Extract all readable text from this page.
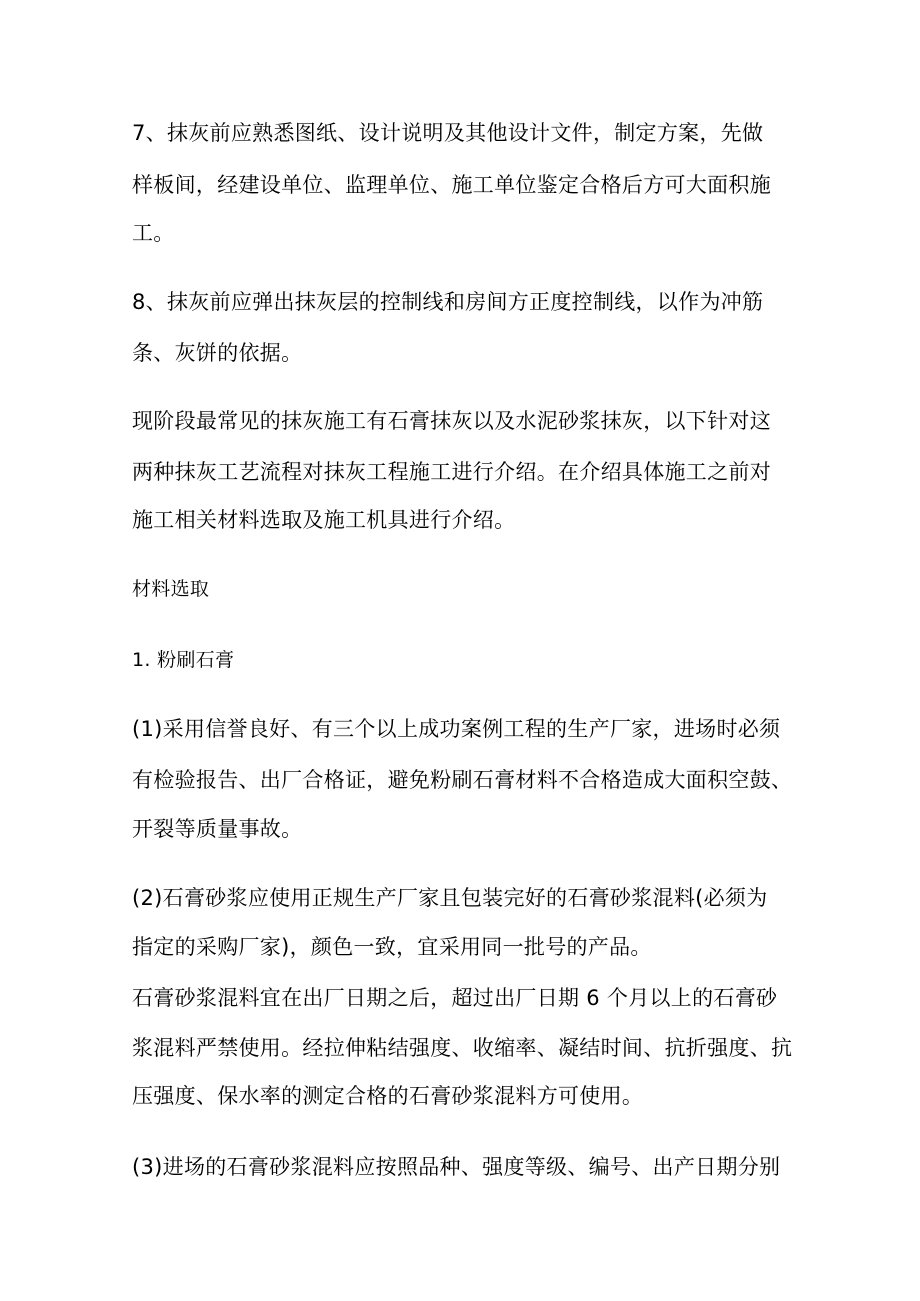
7、抹灰前应熟悉图纸、设计说明及其他设计文件，制定方案，先做
样板间，经建设单位、监理单位、施工单位鉴定合格后方可大面积施
工。
8、抹灰前应弹出抹灰层的控制线和房间方正度控制线，以作为冲筋
条、灰饼的依据。
现阶段最常见的抹灰施工有石膏抹灰以及水泥砂浆抹灰，以下针对这
两种抹灰工艺流程对抹灰工程施工进行介绍。在介绍具体施工之前对
施工相关材料选取及施工机具进行介绍。
材料选取
1. 粉刷石膏
(1)采用信誉良好、有三个以上成功案例工程的生产厂家，进场时必须
有检验报告、出厂合格证，避免粉刷石膏材料不合格造成大面积空鼓、
开裂等质量事故。
(2)石膏砂浆应使用正规生产厂家且包装完好的石膏砂浆混料(必须为
指定的采购厂家)，颜色一致，宜采用同一批号的产品。
石膏砂浆混料宜在出厂日期之后，超过出厂日期 6 个月以上的石膏砂
浆混料严禁使用。经拉伸粘结强度、收缩率、凝结时间、抗折强度、抗
压强度、保水率的测定合格的石膏砂浆混料方可使用。
(3)进场的石膏砂浆混料应按照品种、强度等级、编号、出产日期分别
